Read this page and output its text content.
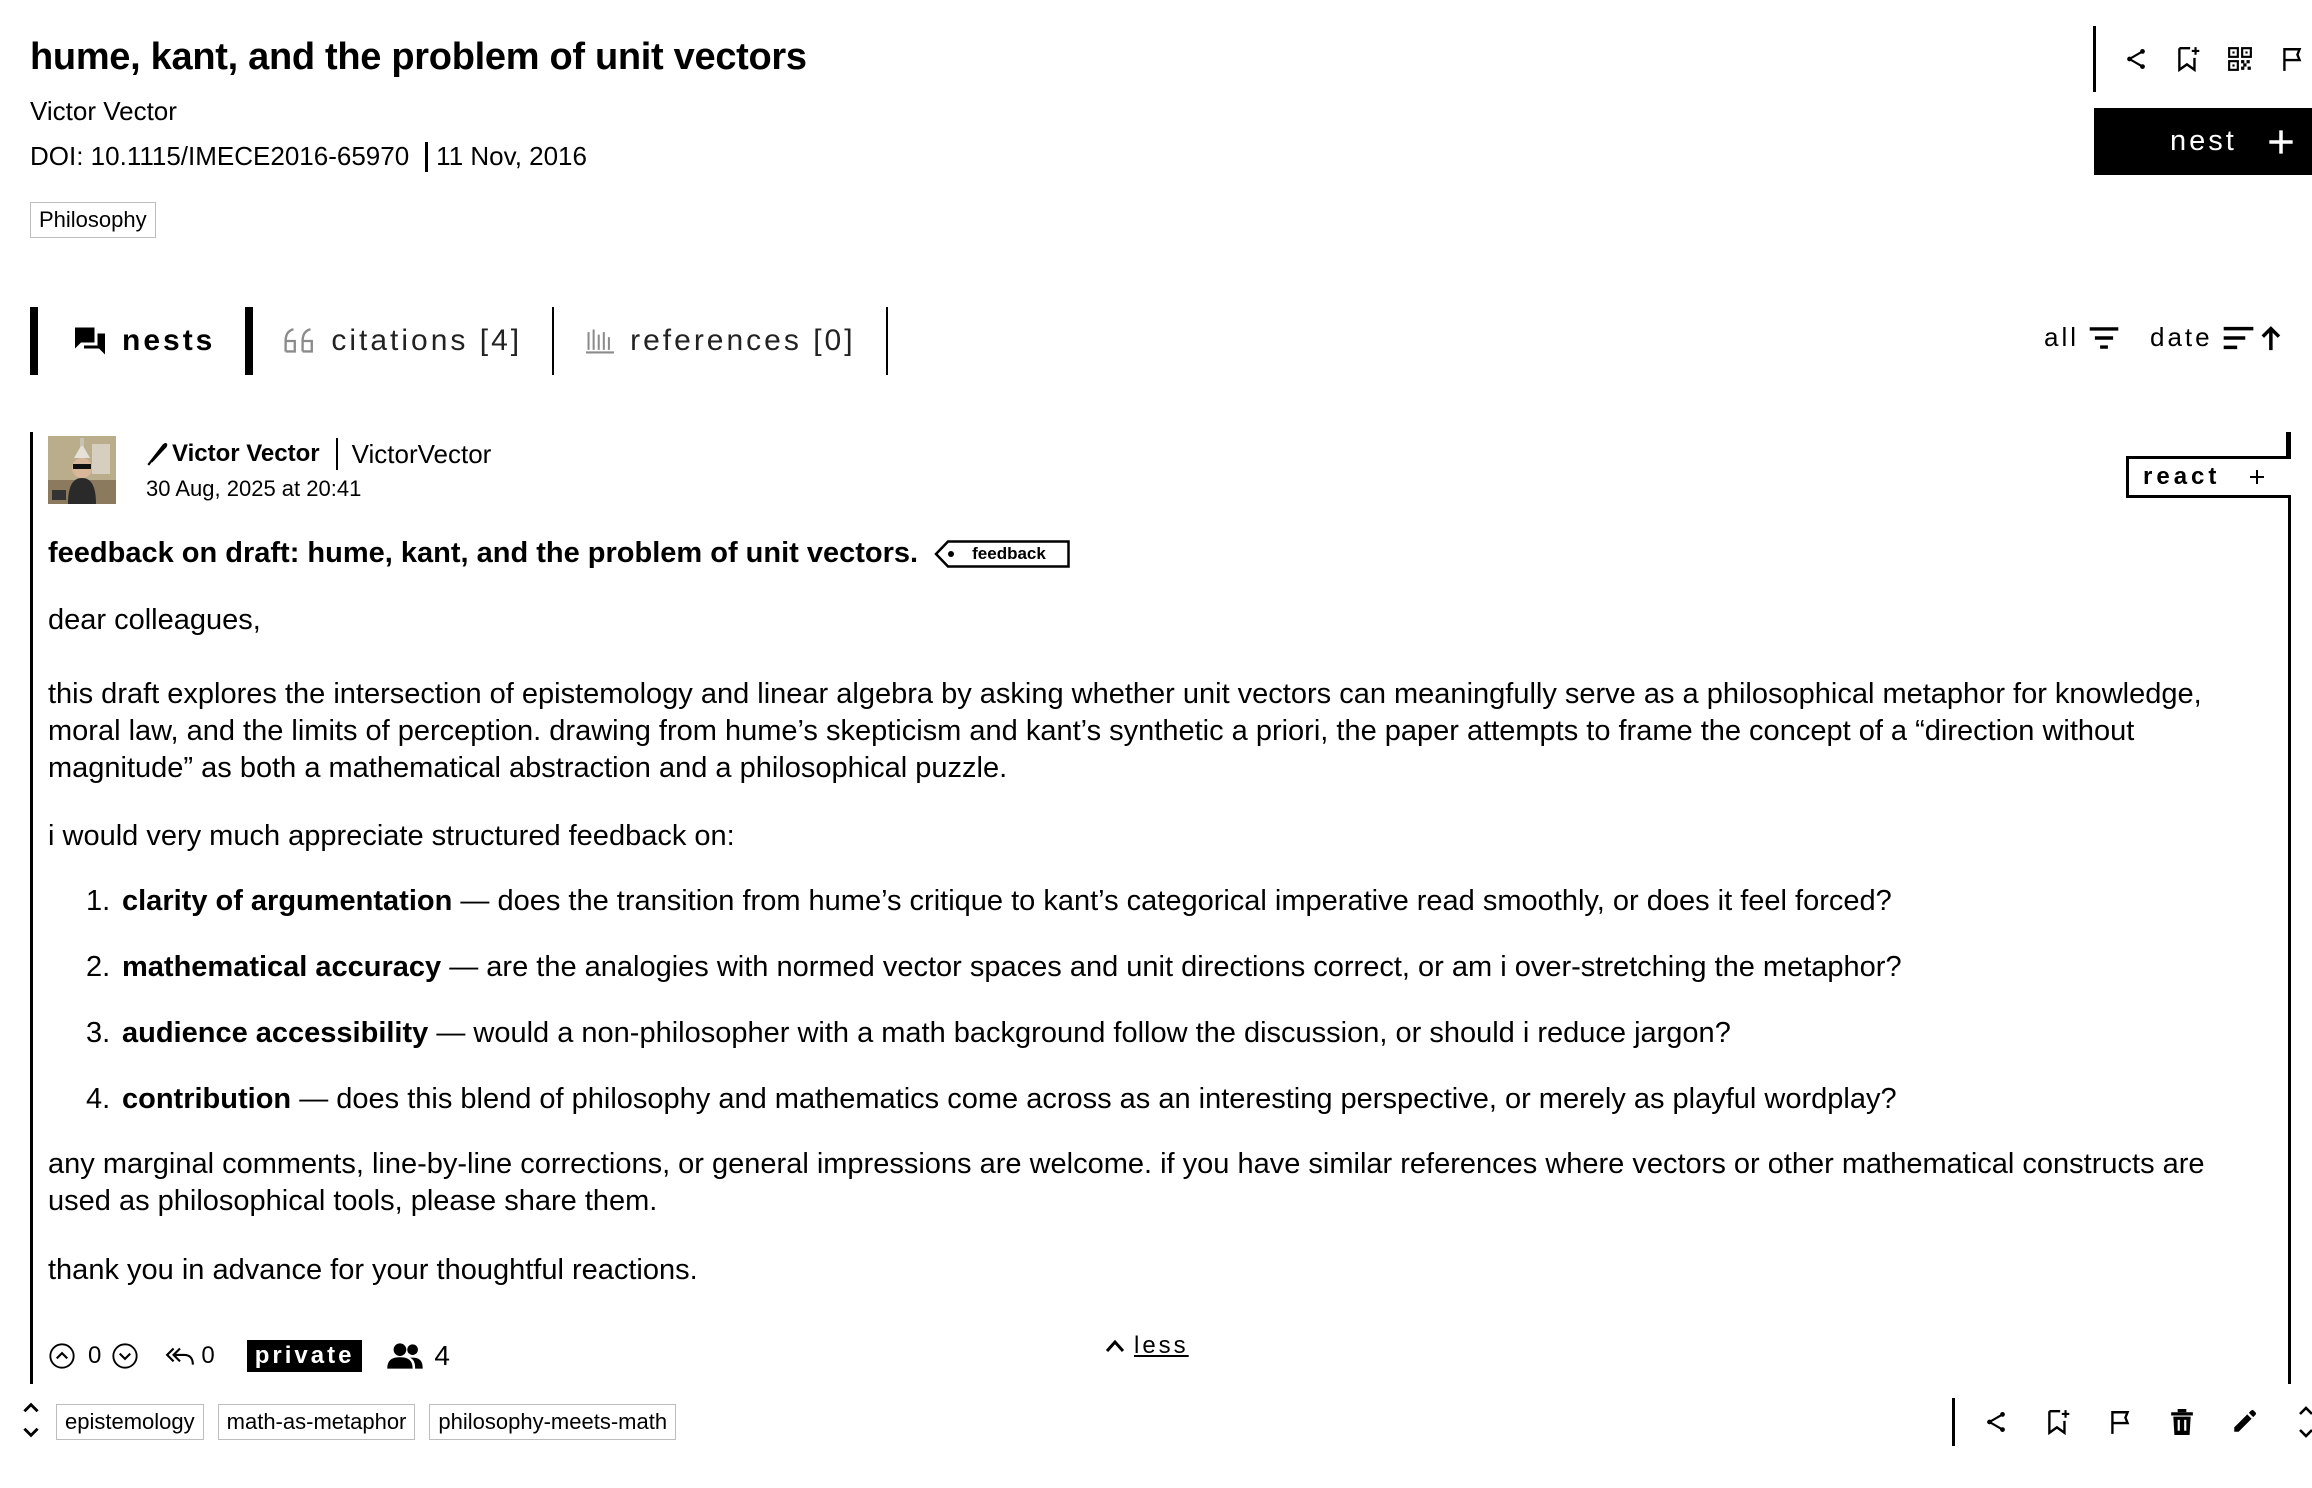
hume, kant, and the problem of unit vectors
Victor Vector
DOI: 10.1115/IMECE2016-65970 11 Nov, 2016
Philosophy
nest
nests	citations [4]	references [0]	all	date
Victor Vector VictorVector
30 Aug, 2025 at 20:41	react
feedback on draft: hume, kant, and the problem of unit vectors.	feedback
dear colleagues,
this draft explores the intersection of epistemology and linear algebra by asking whether unit vectors can meaningfully serve as a philosophical metaphor for knowledge, moral law, and the limits of perception. drawing from hume’s skepticism and kant’s synthetic a priori, the paper attempts to frame the concept of a “direction without magnitude” as both a mathematical abstraction and a philosophical puzzle.
i would very much appreciate structured feedback on:
1. clarity of argumentation — does the transition from hume’s critique to kant’s categorical imperative read smoothly, or does it feel forced?
2. mathematical accuracy — are the analogies with normed vector spaces and unit directions correct, or am i over-stretching the metaphor?
3. audience accessibility — would a non-philosopher with a math background follow the discussion, or should i reduce jargon?
4. contribution — does this blend of philosophy and mathematics come across as an interesting perspective, or merely as playful wordplay?
any marginal comments, line-by-line corrections, or general impressions are welcome. if you have similar references where vectors or other mathematical constructs are used as philosophical tools, please share them.
thank you in advance for your thoughtful reactions.
0	0	private	4	less
epistemology	math-as-metaphor	philosophy-meets-math
